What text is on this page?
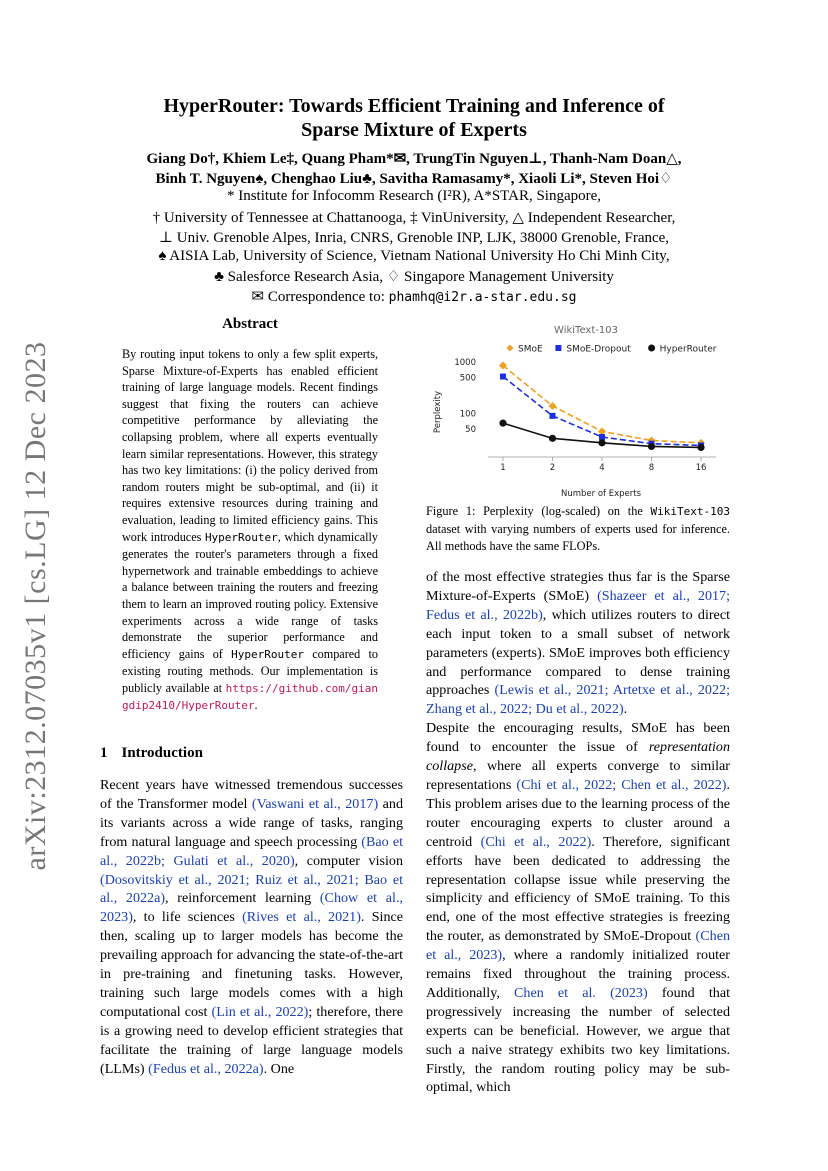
arXiv:2312.07035v1 [cs.LG] 12 Dec 2023
HyperRouter: Towards Efficient Training and Inference of
Sparse Mixture of Experts
Giang Do†, Khiem Le‡, Quang Pham*✉, TrungTin Nguyen⊥, Thanh-Nam Doan△,
Binh T. Nguyen♠, Chenghao Liu♣, Savitha Ramasamy*, Xiaoli Li*, Steven Hoi♢
* Institute for Infocomm Research (I²R), A*STAR, Singapore,
† University of Tennessee at Chattanooga, ‡ VinUniversity, △ Independent Researcher,
⊥ Univ. Grenoble Alpes, Inria, CNRS, Grenoble INP, LJK, 38000 Grenoble, France,
♠ AISIA Lab, University of Science, Vietnam National University Ho Chi Minh City,
♣ Salesforce Research Asia, ♢ Singapore Management University
✉ Correspondence to: phamhq@i2r.a-star.edu.sg
Abstract
By routing input tokens to only a few split experts, Sparse Mixture-of-Experts has enabled efficient training of large language models. Recent findings suggest that fixing the routers can achieve competitive performance by alleviating the collapsing problem, where all experts eventually learn similar representations. However, this strategy has two key limitations: (i) the policy derived from random routers might be sub-optimal, and (ii) it requires extensive resources during training and evaluation, leading to limited efficiency gains. This work introduces HyperRouter, which dynamically generates the router's parameters through a fixed hypernetwork and trainable embeddings to achieve a balance between training the routers and freezing them to learn an improved routing policy. Extensive experiments across a wide range of tasks demonstrate the superior performance and efficiency gains of HyperRouter compared to existing routing methods. Our implementation is publicly available at https://github.com/giangdip2410/HyperRouter.
1 Introduction
Recent years have witnessed tremendous successes of the Transformer model (Vaswani et al., 2017) and its variants across a wide range of tasks, ranging from natural language and speech processing (Bao et al., 2022b; Gulati et al., 2020), computer vision (Dosovitskiy et al., 2021; Ruiz et al., 2021; Bao et al., 2022a), reinforcement learning (Chow et al., 2023), to life sciences (Rives et al., 2021). Since then, scaling up to larger models has become the prevailing approach for advancing the state-of-the-art in pre-training and finetuning tasks. However, training such large models comes with a high computational cost (Lin et al., 2022); therefore, there is a growing need to develop efficient strategies that facilitate the training of large language models (LLMs) (Fedus et al., 2022a). One
WikiText-103
SMoE	SMoE-Dropout	HyperRouter
1000
500
100
50
Perplexity
1	2	4	8	16
Number of Experts
Figure 1: Perplexity (log-scaled) on the WikiText-103 dataset with varying numbers of experts used for inference. All methods have the same FLOPs.
of the most effective strategies thus far is the Sparse Mixture-of-Experts (SMoE) (Shazeer et al., 2017; Fedus et al., 2022b), which utilizes routers to direct each input token to a small subset of network parameters (experts). SMoE improves both efficiency and performance compared to dense training approaches (Lewis et al., 2021; Artetxe et al., 2022; Zhang et al., 2022; Du et al., 2022).
Despite the encouraging results, SMoE has been found to encounter the issue of representation collapse, where all experts converge to similar representations (Chi et al., 2022; Chen et al., 2022). This problem arises due to the learning process of the router encouraging experts to cluster around a centroid (Chi et al., 2022). Therefore, significant efforts have been dedicated to addressing the representation collapse issue while preserving the simplicity and efficiency of SMoE training. To this end, one of the most effective strategies is freezing the router, as demonstrated by SMoE-Dropout (Chen et al., 2023), where a randomly initialized router remains fixed throughout the training process. Additionally, Chen et al. (2023) found that progressively increasing the number of selected experts can be beneficial. However, we argue that such a naive strategy exhibits two key limitations. Firstly, the random routing policy may be sub-optimal, which
